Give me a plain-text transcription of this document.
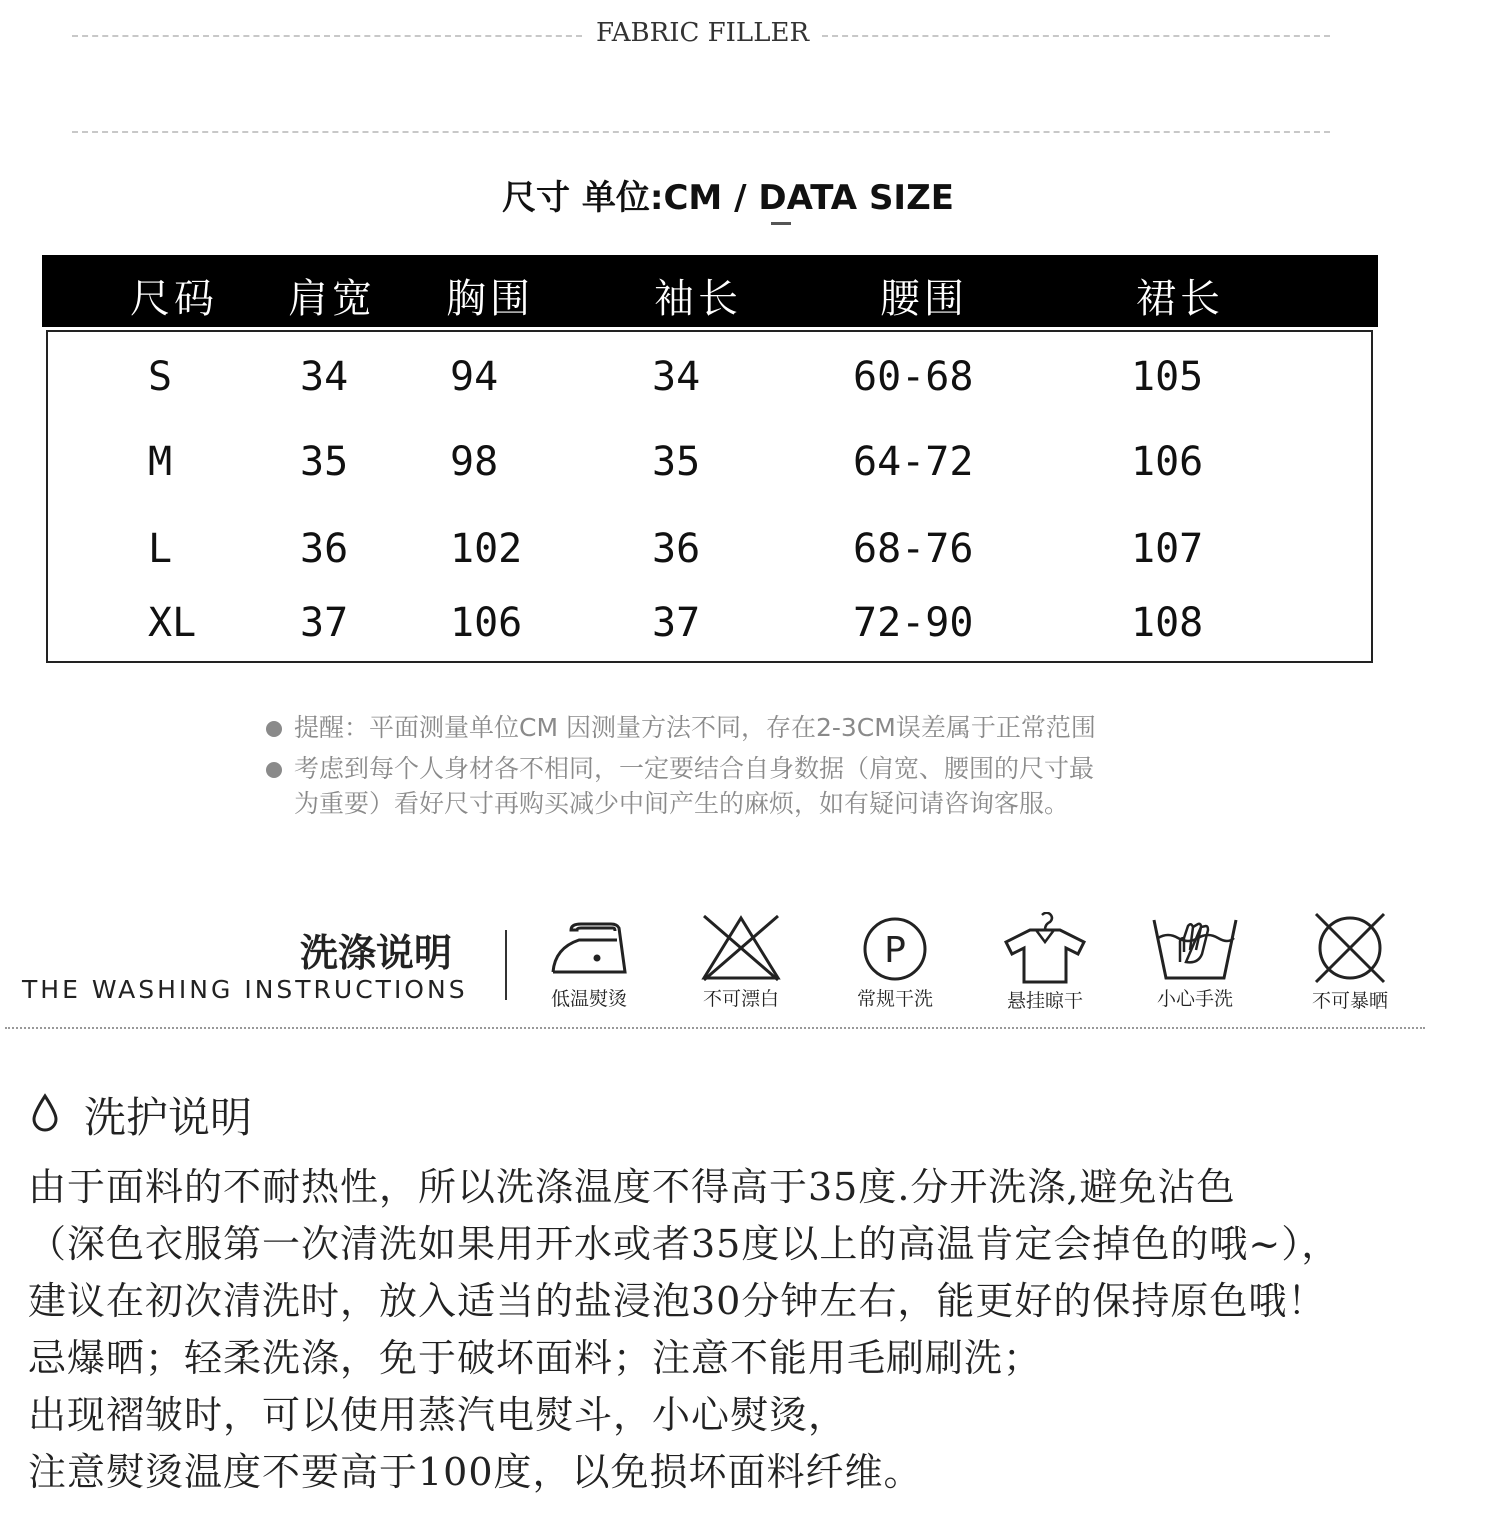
FABRIC FILLER
尺寸 单位:CM / DATA SIZE
尺码 肩宽 胸围	袖长	腰围	裙长
S	34	94	34	60-68	105
M	35	98	35	64-72	106
L	36	102	36	68-76	107
XL	37	106	37	72-90	108
提醒：平面测量单位CM 因测量方法不同，存在2-3CM误差属于正常范围
考虑到每个人身材各不相同，一定要结合自身数据（肩宽、腰围的尺寸最
为重要）看好尺寸再购买减少中间产生的麻烦，如有疑问请咨询客服。
洗涤说明
THE WASHING INSTRUCTIONS	低温熨烫	不可漂白
P
常规干洗	悬挂晾干	小心手洗	不可暴晒
洗护说明
由于面料的不耐热性，所以洗涤温度不得高于35度.分开洗涤,避免沾色
（深色衣服第一次清洗如果用开水或者35度以上的高温肯定会掉色的哦~），
建议在初次清洗时，放入适当的盐浸泡30分钟左右，能更好的保持原色哦！
忌爆晒；轻柔洗涤，免于破坏面料；注意不能用毛刷刷洗；
出现褶皱时，可以使用蒸汽电熨斗，小心熨烫，
注意熨烫温度不要高于100度，以免损坏面料纤维。
